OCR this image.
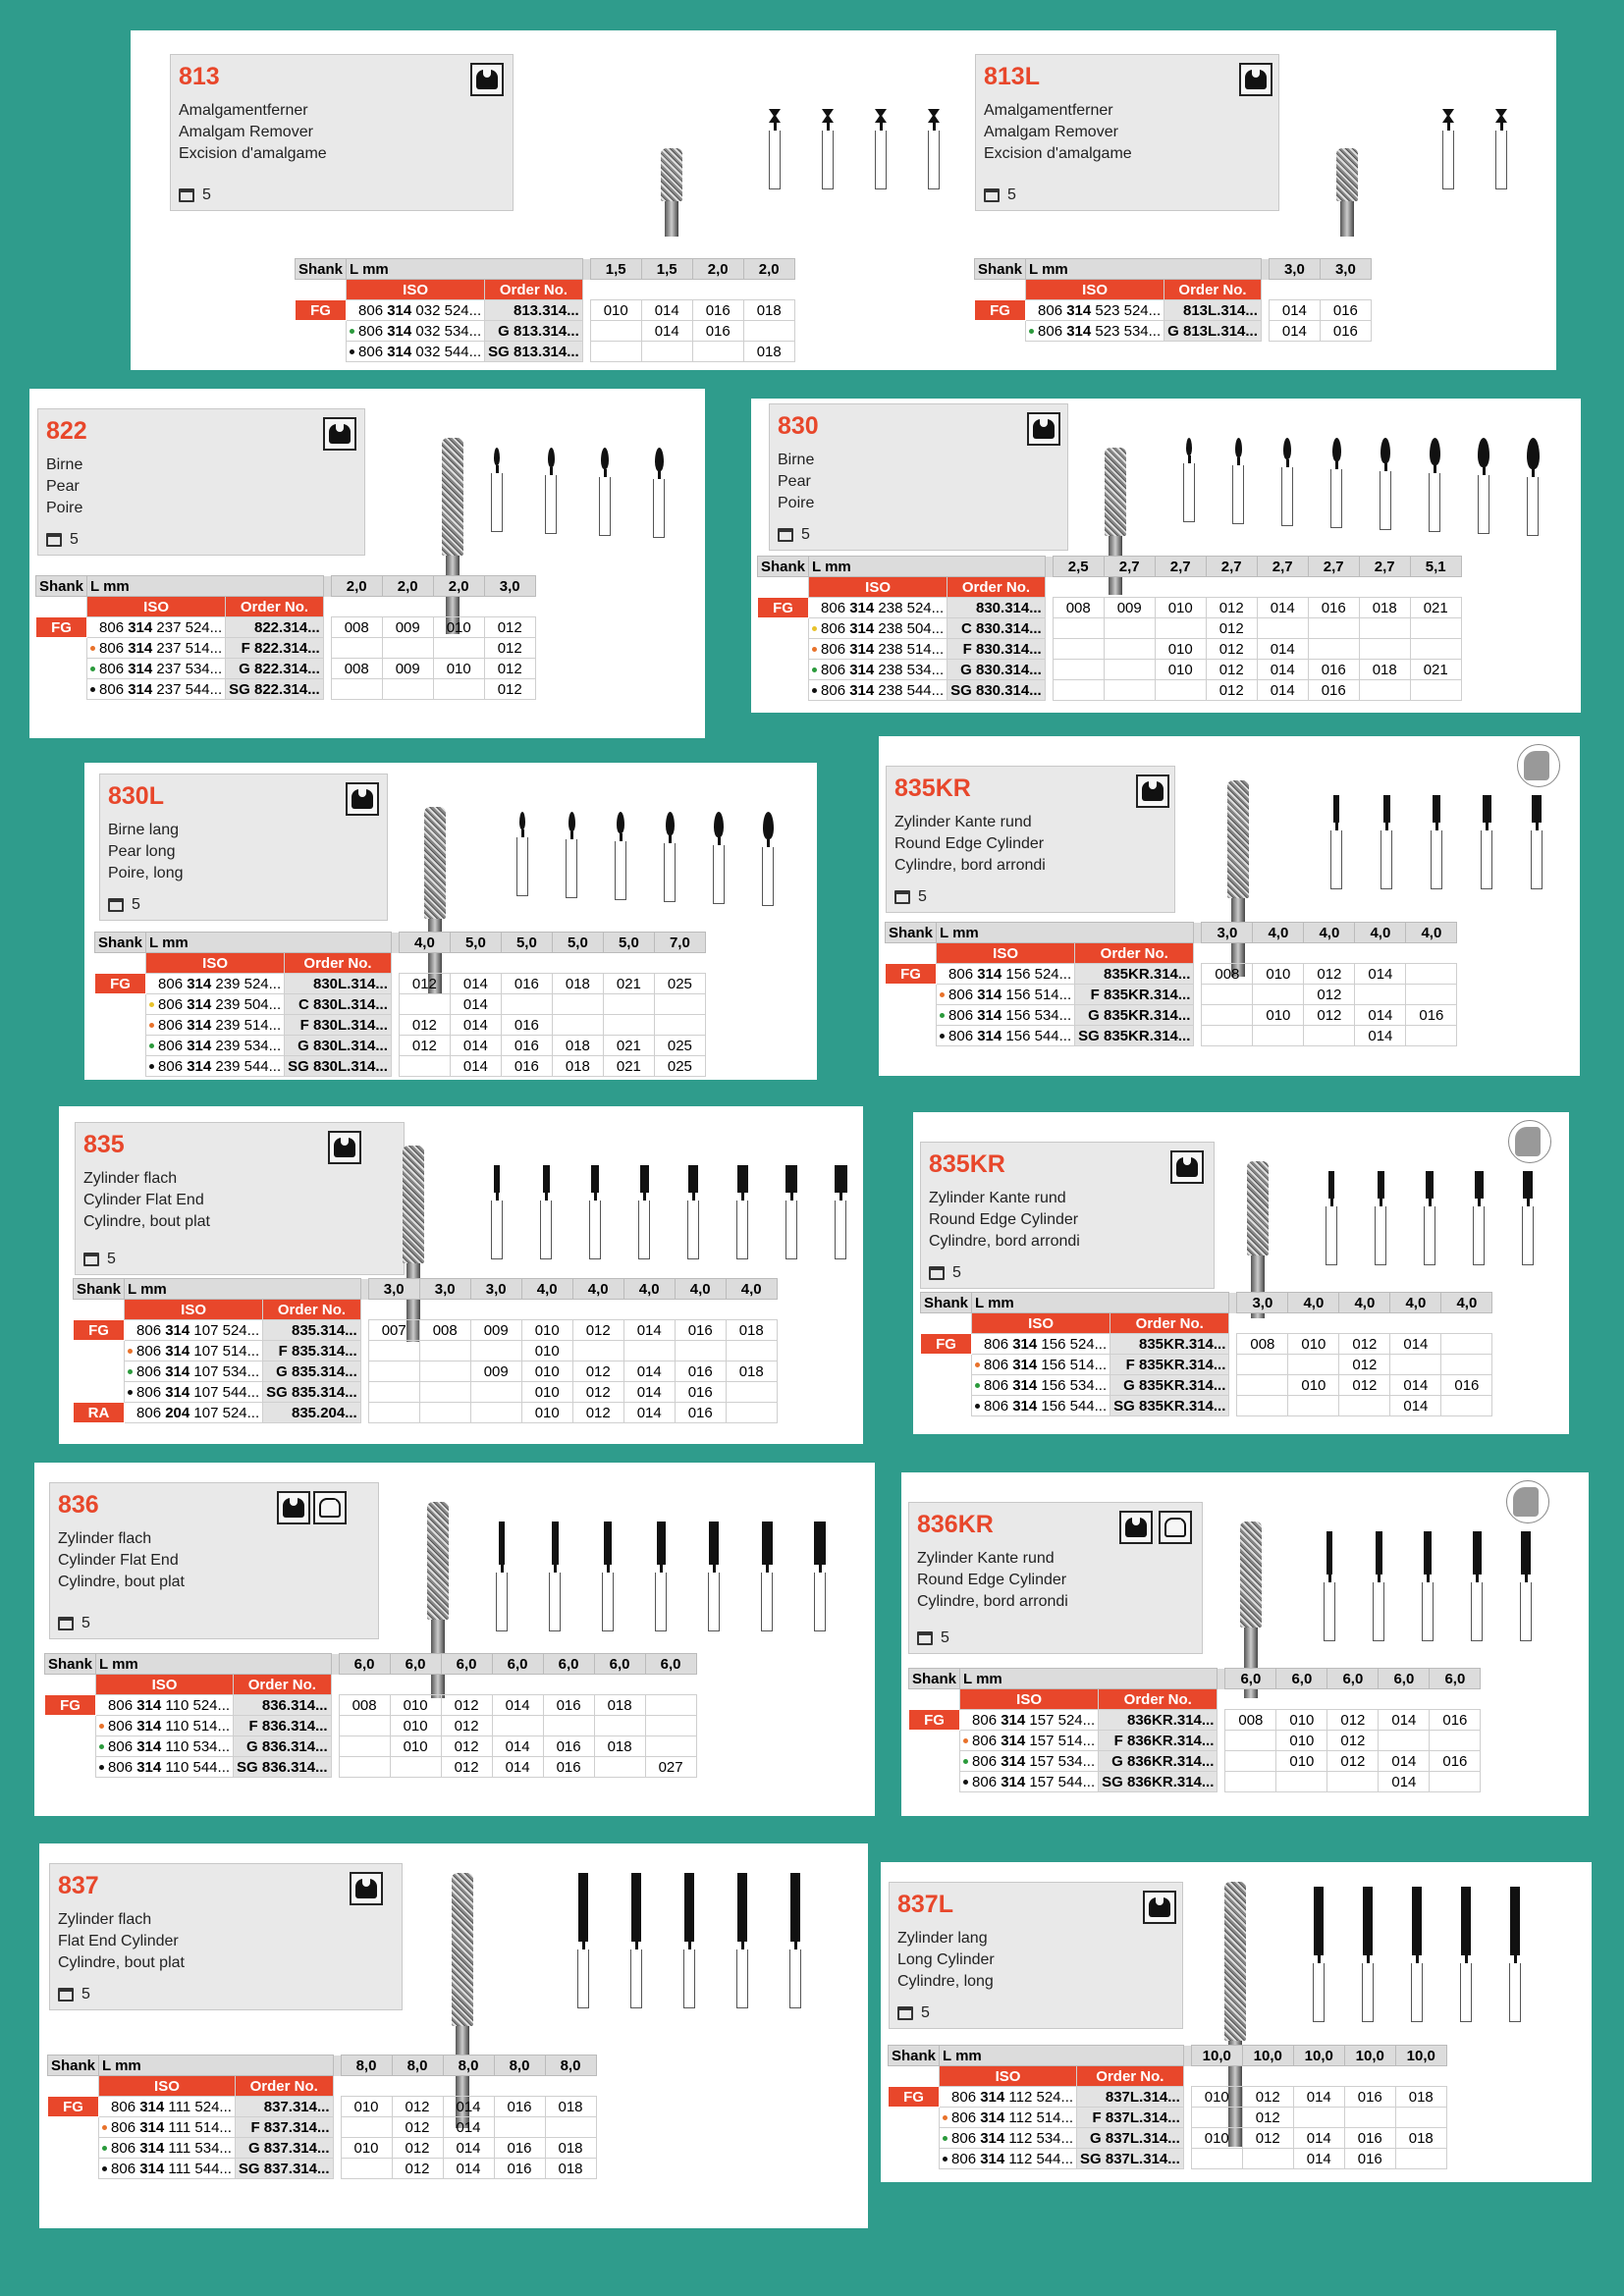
813
Amalgamentferner
Amalgam Remover
Excision d'amalgame
5
Shank	L mm			1,5	1,5	2,0	2,0
	ISO	Order No.					
FG	806 314 032 524...	813.314...		010	014	016	018
	806 314 032 534...	G 813.314...			014	016	
	806 314 032 544...	SG 813.314...					018
813L
Amalgamentferner
Amalgam Remover
Excision d'amalgame
5
Shank	L mm			3,0	3,0
	ISO	Order No.			
FG	806 314 523 524...	813L.314...		014	016
	806 314 523 534...	G 813L.314...		014	016
822
Birne
Pear
Poire
5
Shank	L mm			2,0	2,0	2,0	3,0
	ISO	Order No.					
FG	806 314 237 524...	822.314...		008	009	010	012
	806 314 237 514...	F 822.314...					012
	806 314 237 534...	G 822.314...		008	009	010	012
	806 314 237 544...	SG 822.314...					012
830
Birne
Pear
Poire
5
Shank	L mm			2,5	2,7	2,7	2,7	2,7	2,7	2,7	5,1
	ISO	Order No.									
FG	806 314 238 524...	830.314...		008	009	010	012	014	016	018	021
	806 314 238 504...	C 830.314...					012				
	806 314 238 514...	F 830.314...				010	012	014			
	806 314 238 534...	G 830.314...				010	012	014	016	018	021
	806 314 238 544...	SG 830.314...					012	014	016		
830L
Birne lang
Pear long
Poire, long
5
Shank	L mm			4,0	5,0	5,0	5,0	5,0	7,0
	ISO	Order No.							
FG	806 314 239 524...	830L.314...		012	014	016	018	021	025
	806 314 239 504...	C 830L.314...			014				
	806 314 239 514...	F 830L.314...		012	014	016			
	806 314 239 534...	G 830L.314...		012	014	016	018	021	025
	806 314 239 544...	SG 830L.314...			014	016	018	021	025
835KR
Zylinder Kante rund
Round Edge Cylinder
Cylindre, bord arrondi
5
Shank	L mm			3,0	4,0	4,0	4,0	4,0
	ISO	Order No.						
FG	806 314 156 524...	835KR.314...		008	010	012	014	
	806 314 156 514...	F 835KR.314...				012		
	806 314 156 534...	G 835KR.314...			010	012	014	016
	806 314 156 544...	SG 835KR.314...					014	
835
Zylinder flach
Cylinder Flat End
Cylindre, bout plat
5
Shank	L mm			3,0	3,0	3,0	4,0	4,0	4,0	4,0	4,0
	ISO	Order No.									
FG	806 314 107 524...	835.314...		007	008	009	010	012	014	016	018
	806 314 107 514...	F 835.314...					010				
	806 314 107 534...	G 835.314...				009	010	012	014	016	018
	806 314 107 544...	SG 835.314...					010	012	014	016	
RA	806 204 107 524...	835.204...					010	012	014	016	
835KR
Zylinder Kante rund
Round Edge Cylinder
Cylindre, bord arrondi
5
Shank	L mm			3,0	4,0	4,0	4,0	4,0
	ISO	Order No.						
FG	806 314 156 524...	835KR.314...		008	010	012	014	
	806 314 156 514...	F 835KR.314...				012		
	806 314 156 534...	G 835KR.314...			010	012	014	016
	806 314 156 544...	SG 835KR.314...					014	
836
Zylinder flach
Cylinder Flat End
Cylindre, bout plat
5
Shank	L mm			6,0	6,0	6,0	6,0	6,0	6,0	6,0
	ISO	Order No.								
FG	806 314 110 524...	836.314...		008	010	012	014	016	018	
	806 314 110 514...	F 836.314...			010	012				
	806 314 110 534...	G 836.314...			010	012	014	016	018	
	806 314 110 544...	SG 836.314...				012	014	016		027
836KR
Zylinder Kante rund
Round Edge Cylinder
Cylindre, bord arrondi
5
Shank	L mm			6,0	6,0	6,0	6,0	6,0
	ISO	Order No.						
FG	806 314 157 524...	836KR.314...		008	010	012	014	016
	806 314 157 514...	F 836KR.314...			010	012		
	806 314 157 534...	G 836KR.314...			010	012	014	016
	806 314 157 544...	SG 836KR.314...					014	
837
Zylinder flach
Flat End Cylinder
Cylindre, bout plat
5
Shank	L mm			8,0	8,0	8,0	8,0	8,0
	ISO	Order No.						
FG	806 314 111 524...	837.314...		010	012	014	016	018
	806 314 111 514...	F 837.314...			012	014		
	806 314 111 534...	G 837.314...		010	012	014	016	018
	806 314 111 544...	SG 837.314...			012	014	016	018
837L
Zylinder lang
Long Cylinder
Cylindre, long
5
Shank	L mm			10,0	10,0	10,0	10,0	10,0
	ISO	Order No.						
FG	806 314 112 524...	837L.314...		010	012	014	016	018
	806 314 112 514...	F 837L.314...			012			
	806 314 112 534...	G 837L.314...		010	012	014	016	018
	806 314 112 544...	SG 837L.314...				014	016	
